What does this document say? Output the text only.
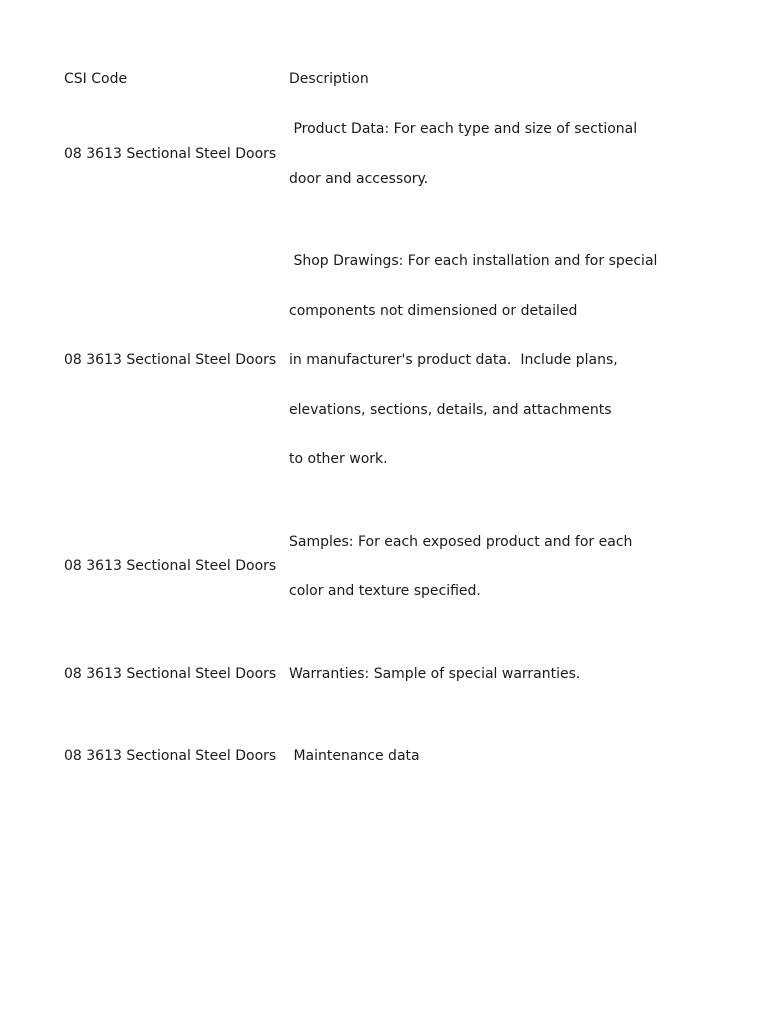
CSI Code	Description
08 3613 Sectional Steel Doors	Product Data: For each type and size of sectional

door and accessory.

08 3613 Sectional Steel Doors	Shop Drawings: For each installation and for special

components not dimensioned or detailed

in manufacturer's product data.  Include plans,

elevations, sections, details, and attachments

to other work.

08 3613 Sectional Steel Doors	Samples: For each exposed product and for each

color and texture specified.

08 3613 Sectional Steel Doors	Warranties: Sample of special warranties.

08 3613 Sectional Steel Doors	Maintenance data
